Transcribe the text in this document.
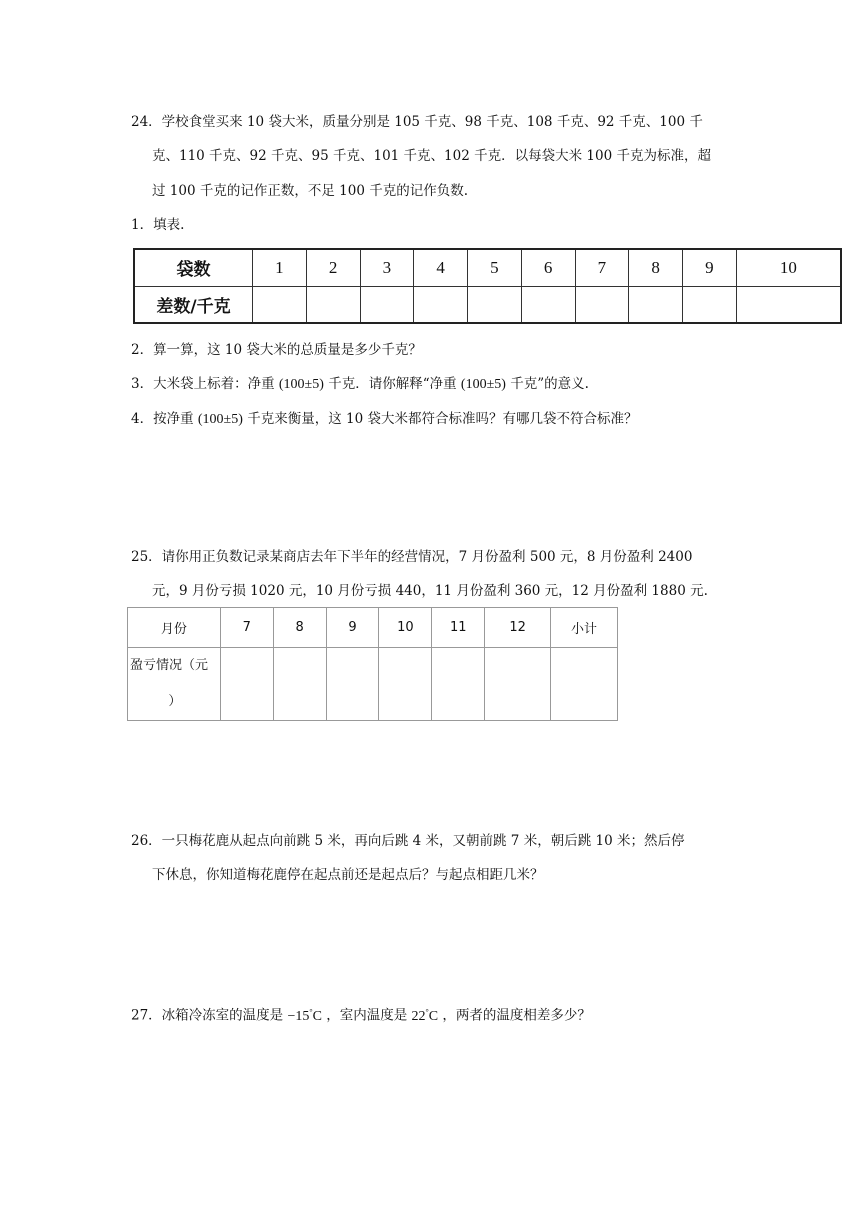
24．学校食堂买来 10 袋大米，质量分别是 105 千克、98 千克、108 千克、92 千克、100 千
克、110 千克、92 千克、95 千克、101 千克、102 千克．以每袋大米 100 千克为标准，超
过 100 千克的记作正数，不足 100 千克的记作负数.
1．填表.
袋数	1	2	3	4	5	6	7	8	9	10
差数/千克										
2．算一算，这 10 袋大米的总质量是多少千克？
3．大米袋上标着：净重 (100±5) 千克．请你解释“净重 (100±5) 千克”的意义.
4．按净重 (100±5) 千克来衡量，这 10 袋大米都符合标准吗？有哪几袋不符合标准？
25．请你用正负数记录某商店去年下半年的经营情况，7 月份盈利 500 元，8 月份盈利 2400
元，9 月份亏损 1020 元，10 月份亏损 440，11 月份盈利 360 元，12 月份盈利 1880 元.
月份	7	8	9	10	11	12	小计

盈亏情况（元
）							

26．一只梅花鹿从起点向前跳 5 米，再向后跳 4 米，又朝前跳 7 米，朝后跳 10 米；然后停
下休息，你知道梅花鹿停在起点前还是起点后？与起点相距几米？
27．冰箱冷冻室的温度是 −15°C ，室内温度是 22°C ，两者的温度相差多少？
